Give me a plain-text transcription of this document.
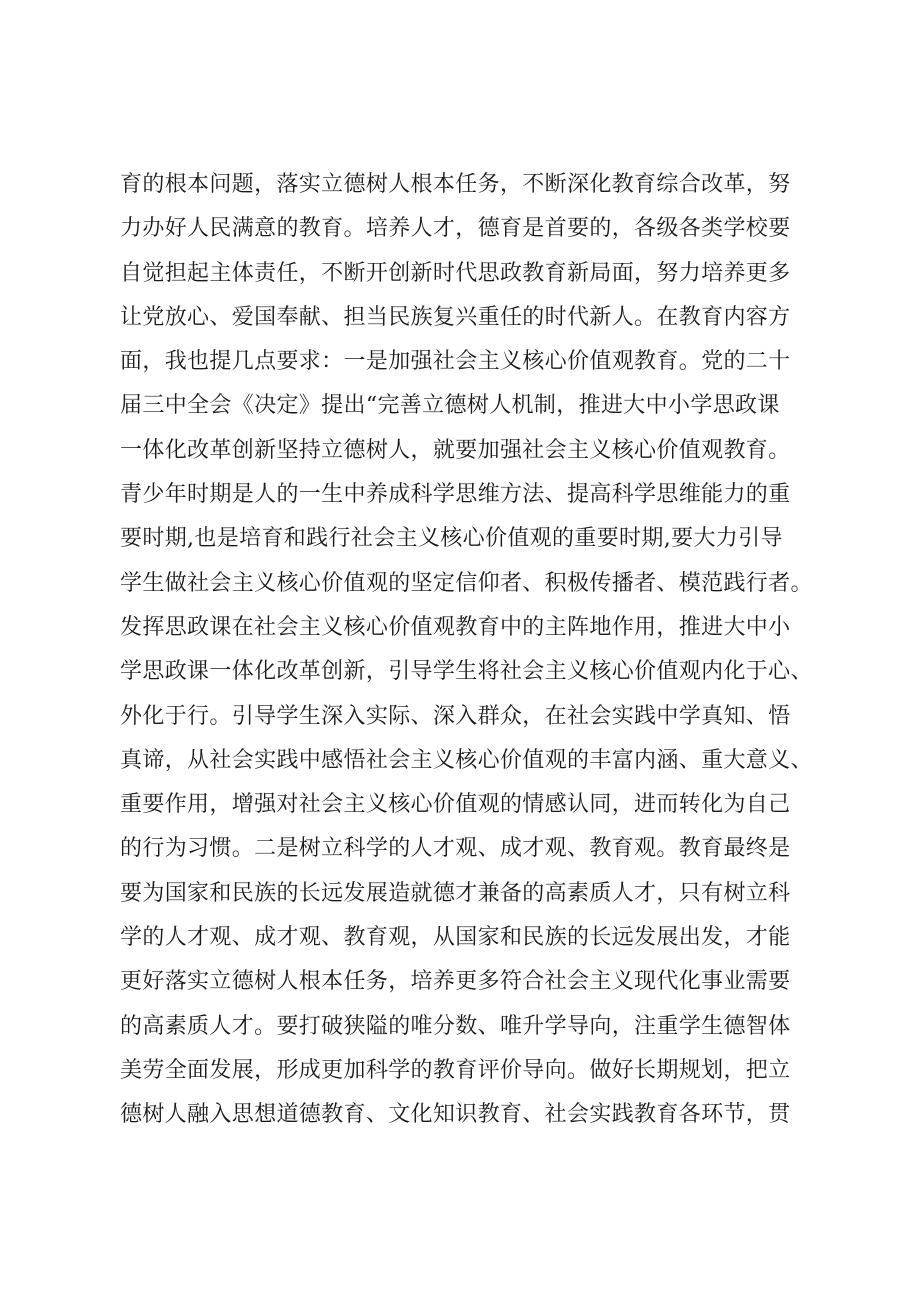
育的根本问题，落实立德树人根本任务，不断深化教育综合改革，努
力办好人民满意的教育。培养人才，德育是首要的，各级各类学校要
自觉担起主体责任，不断开创新时代思政教育新局面，努力培养更多
让党放心、爱国奉献、担当民族复兴重任的时代新人。在教育内容方
面，我也提几点要求：一是加强社会主义核心价值观教育。党的二十
届三中全会《决定》提出“完善立德树人机制，推进大中小学思政课
一体化改革创新坚持立德树人，就要加强社会主义核心价值观教育。
青少年时期是人的一生中养成科学思维方法、提高科学思维能力的重
要时期,也是培育和践行社会主义核心价值观的重要时期,要大力引导
学生做社会主义核心价值观的坚定信仰者、积极传播者、模范践行者。
发挥思政课在社会主义核心价值观教育中的主阵地作用，推进大中小
学思政课一体化改革创新，引导学生将社会主义核心价值观内化于心、
外化于行。引导学生深入实际、深入群众，在社会实践中学真知、悟
真谛，从社会实践中感悟社会主义核心价值观的丰富内涵、重大意义、
重要作用，增强对社会主义核心价值观的情感认同，进而转化为自己
的行为习惯。二是树立科学的人才观、成才观、教育观。教育最终是
要为国家和民族的长远发展造就德才兼备的高素质人才，只有树立科
学的人才观、成才观、教育观，从国家和民族的长远发展出发，才能
更好落实立德树人根本任务，培养更多符合社会主义现代化事业需要
的高素质人才。要打破狭隘的唯分数、唯升学导向，注重学生德智体
美劳全面发展，形成更加科学的教育评价导向。做好长期规划，把立
德树人融入思想道德教育、文化知识教育、社会实践教育各环节，贯
